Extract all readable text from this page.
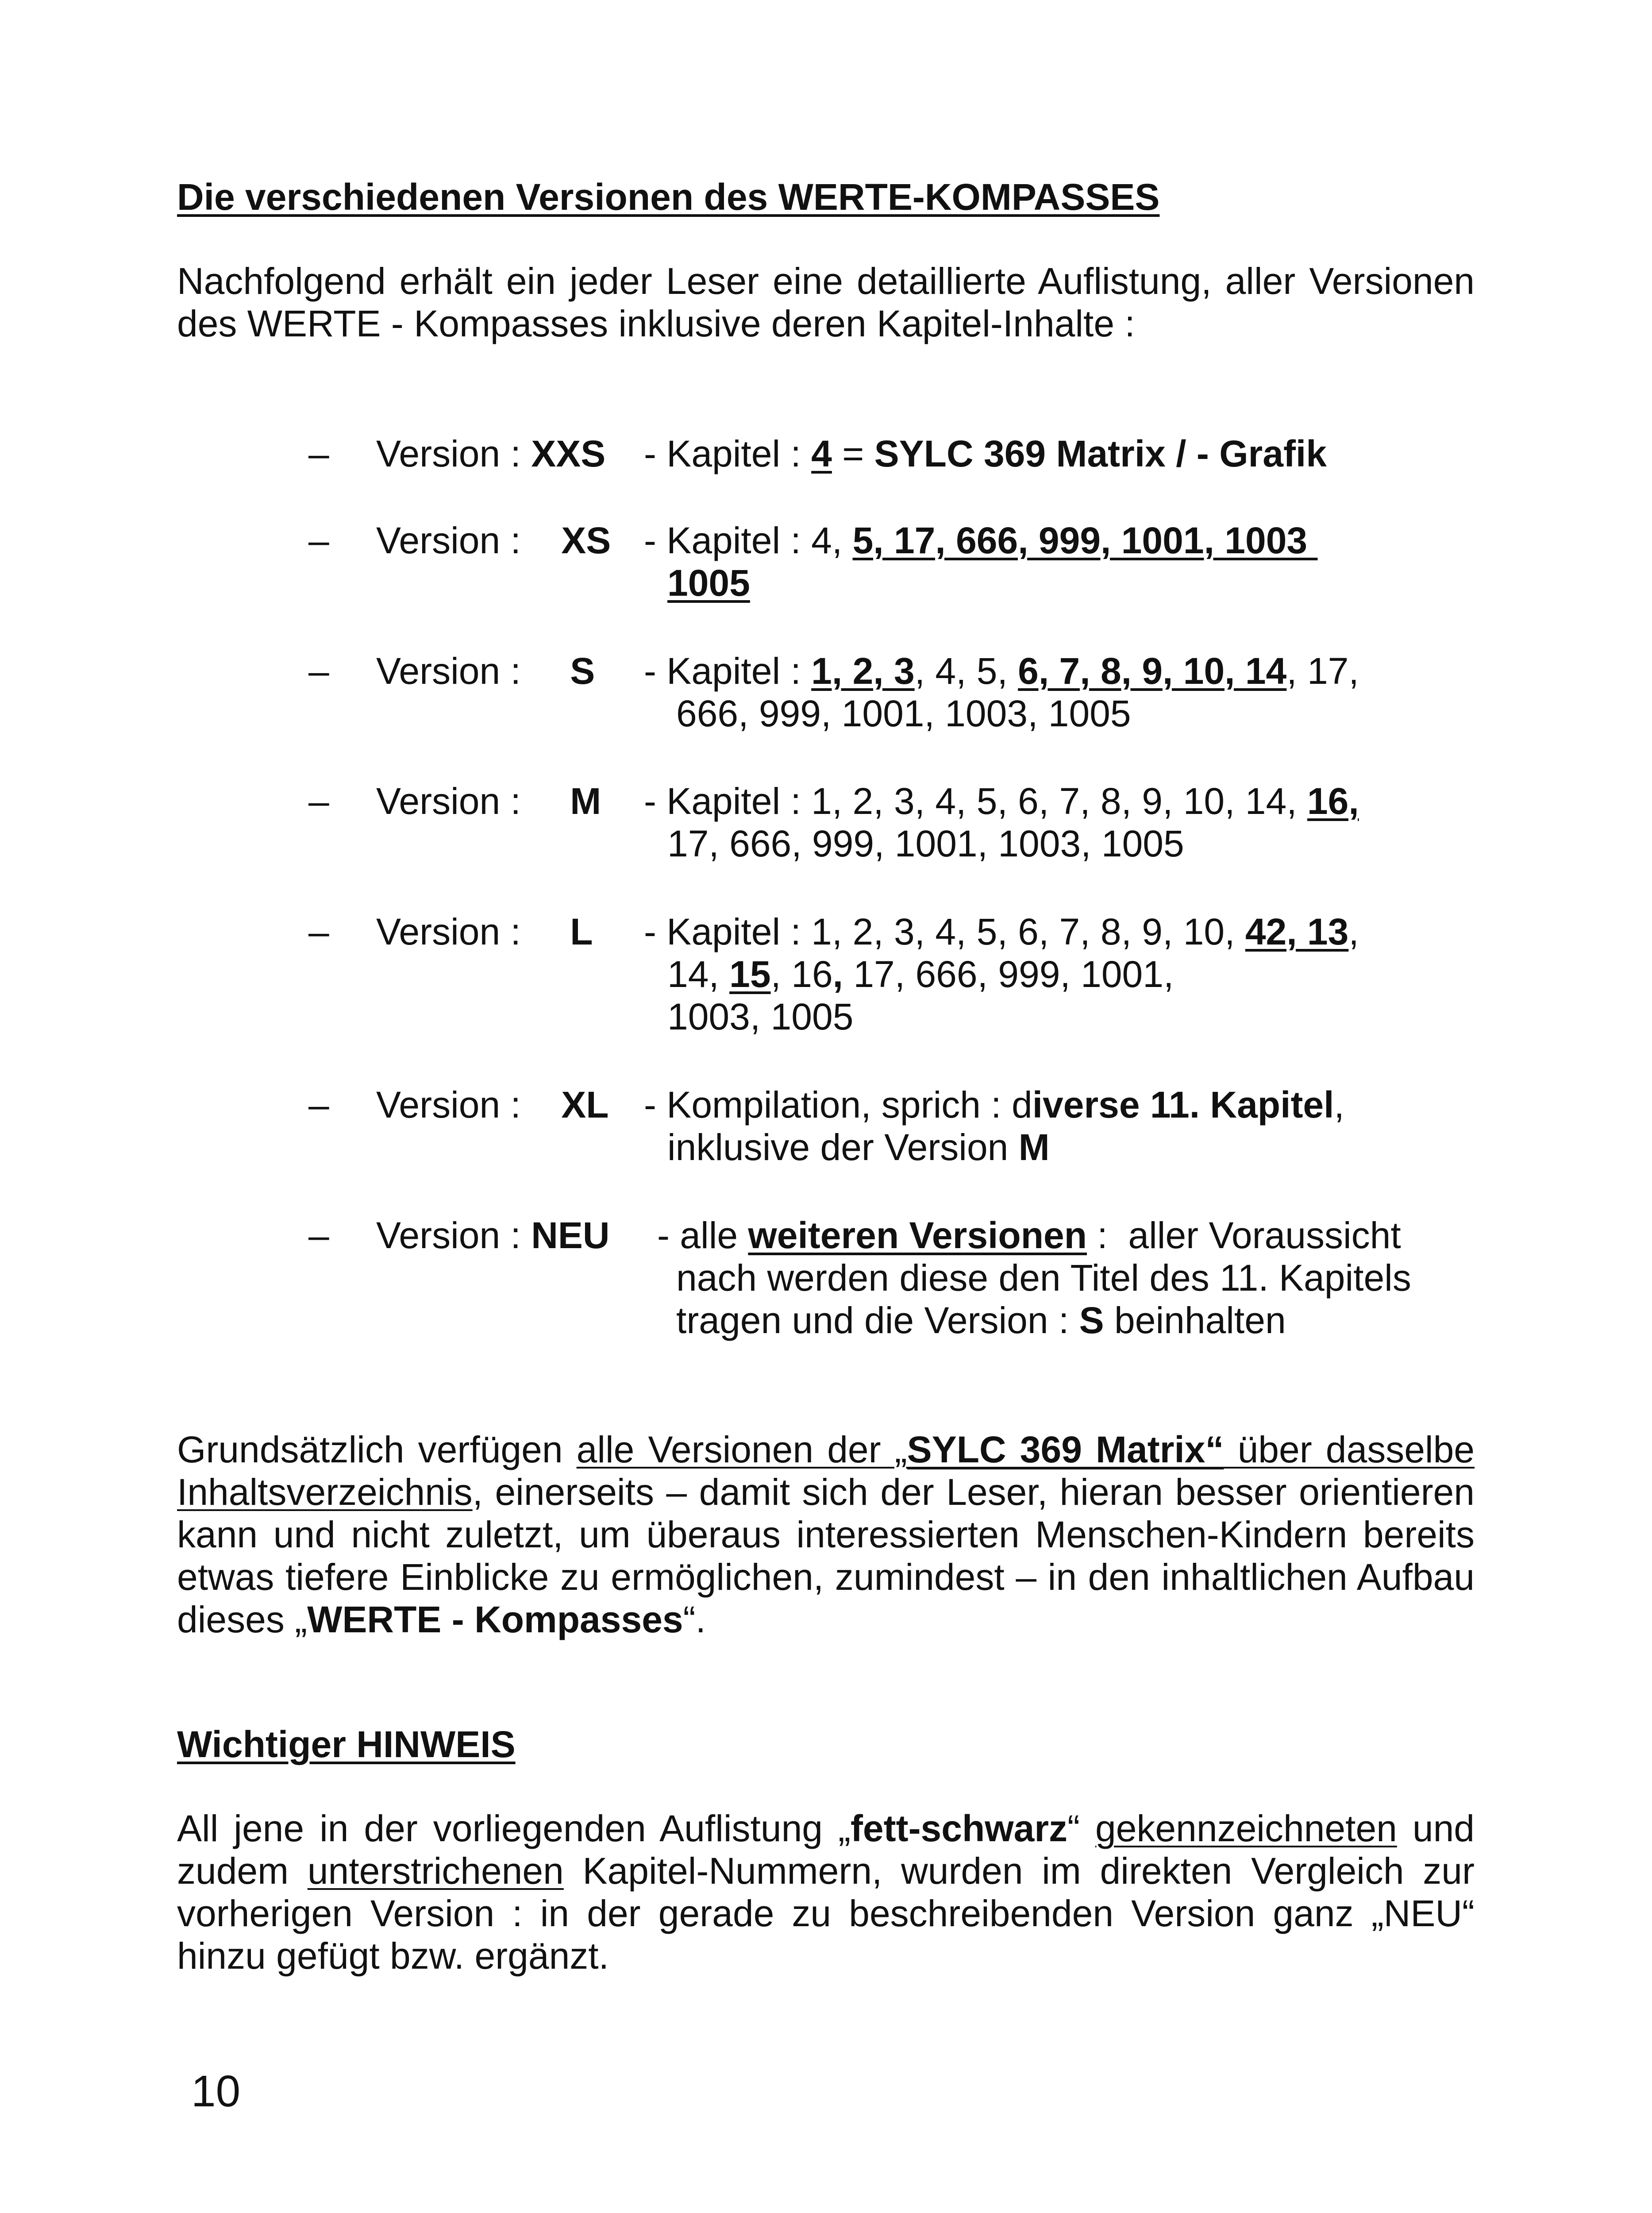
Die verschiedenen Versionen des WERTE-KOMPASSES
Nachfolgend erhält ein jeder Leser eine detaillierte Auflistung, aller Versionen
des WERTE - Kompasses inklusive deren Kapitel-Inhalte :
– Version : XXS - Kapitel : 4 = SYLC 369 Matrix / - Grafik
– Version : XS - Kapitel : 4, 5, 17, 666, 999, 1001, 1003
1005
– Version : S - Kapitel : 1, 2, 3, 4, 5, 6, 7, 8, 9, 10, 14, 17,
666, 999, 1001, 1003, 1005
– Version : M - Kapitel : 1, 2, 3, 4, 5, 6, 7, 8, 9, 10, 14, 16,
17, 666, 999, 1001, 1003, 1005
– Version : L - Kapitel : 1, 2, 3, 4, 5, 6, 7, 8, 9, 10, 42, 13,
14, 15, 16, 17, 666, 999, 1001,
1003, 1005
– Version : XL - Kompilation, sprich : diverse 11. Kapitel,
inklusive der Version M
– Version : NEU - alle weiteren Versionen :  aller Voraussicht
nach werden diese den Titel des 11. Kapitels
tragen und die Version : S beinhalten
Grundsätzlich verfügen alle Versionen der „SYLC 369 Matrix“ über dasselbe
Inhaltsverzeichnis, einerseits – damit sich der Leser, hieran besser orientieren
kann und nicht zuletzt, um überaus interessierten Menschen-Kindern bereits
etwas tiefere Einblicke zu ermöglichen, zumindest – in den inhaltlichen Aufbau
dieses „WERTE - Kompasses“.
Wichtiger HINWEIS
All jene in der vorliegenden Auflistung „fett-schwarz“ gekennzeichneten und
zudem unterstrichenen Kapitel-Nummern, wurden im direkten Vergleich zur
vorherigen Version : in der gerade zu beschreibenden Version ganz „NEU“
hinzu gefügt bzw. ergänzt.
10
